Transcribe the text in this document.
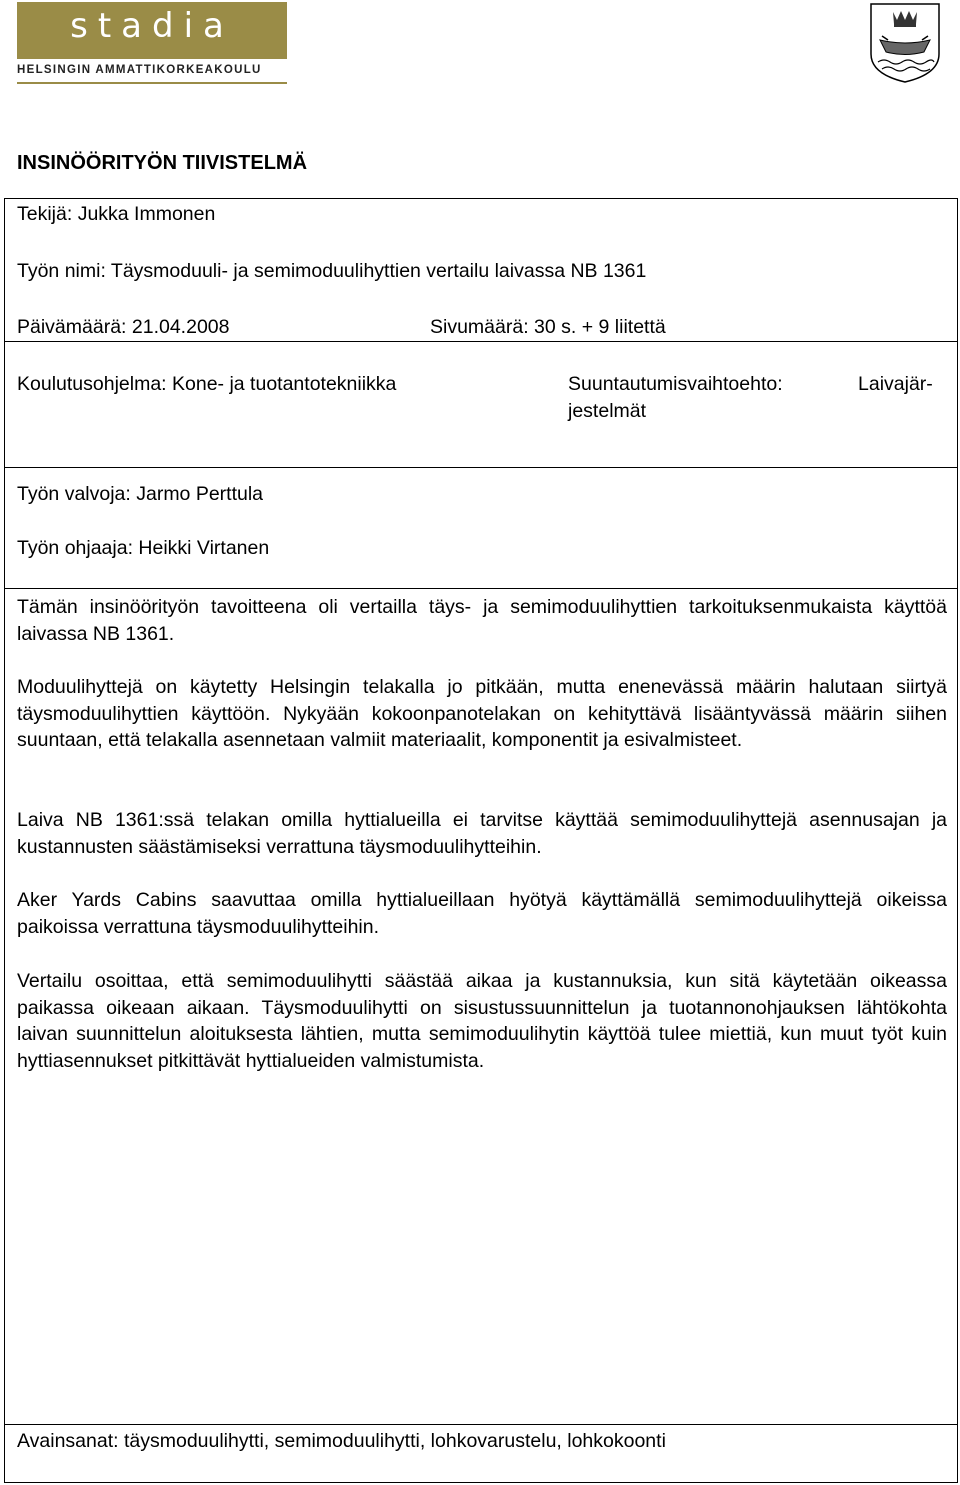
stadia
HELSINGIN AMMATTIKORKEAKOULU
INSINÖÖRITYÖN TIIVISTELMÄ
Tekijä: Jukka Immonen
Työn nimi: Täysmoduuli- ja semimoduulihyttien vertailu laivassa NB 1361
Päivämäärä: 21.04.2008	Sivumäärä: 30 s. + 9 liitettä
Koulutusohjelma: Kone- ja tuotantotekniikka	Suuntautumisvaihtoehto:	Laivajär-
jestelmät
Työn valvoja: Jarmo Perttula
Työn ohjaaja: Heikki Virtanen
Tämän insinöörityön tavoitteena oli vertailla täys- ja semimoduulihyttien tarkoituksenmukaista käyttöä laivassa NB 1361.
Moduulihyttejä on käytetty Helsingin telakalla jo pitkään, mutta enenevässä määrin halutaan siirtyä täysmoduulihyttien käyttöön. Nykyään kokoonpanotelakan on kehityttävä lisääntyvässä määrin siihen suuntaan, että telakalla asennetaan valmiit materiaalit, komponentit ja esivalmisteet.
Laiva NB 1361:ssä telakan omilla hyttialueilla ei tarvitse käyttää semimoduulihyttejä asennusajan ja kustannusten säästämiseksi verrattuna täysmoduulihytteihin.
Aker Yards Cabins saavuttaa omilla hyttialueillaan hyötyä käyttämällä semimoduulihyttejä oikeissa paikoissa verrattuna täysmoduulihytteihin.
Vertailu osoittaa, että semimoduulihytti säästää aikaa ja kustannuksia, kun sitä käytetään oikeassa paikassa oikeaan aikaan. Täysmoduulihytti on sisustussuunnittelun ja tuotannonohjauksen lähtökohta laivan suunnittelun aloituksesta lähtien, mutta semimoduulihytin käyttöä tulee miettiä, kun muut työt kuin hyttiasennukset pitkittävät hyttialueiden valmistumista.
Avainsanat: täysmoduulihytti, semimoduulihytti, lohkovarustelu, lohkokoonti
